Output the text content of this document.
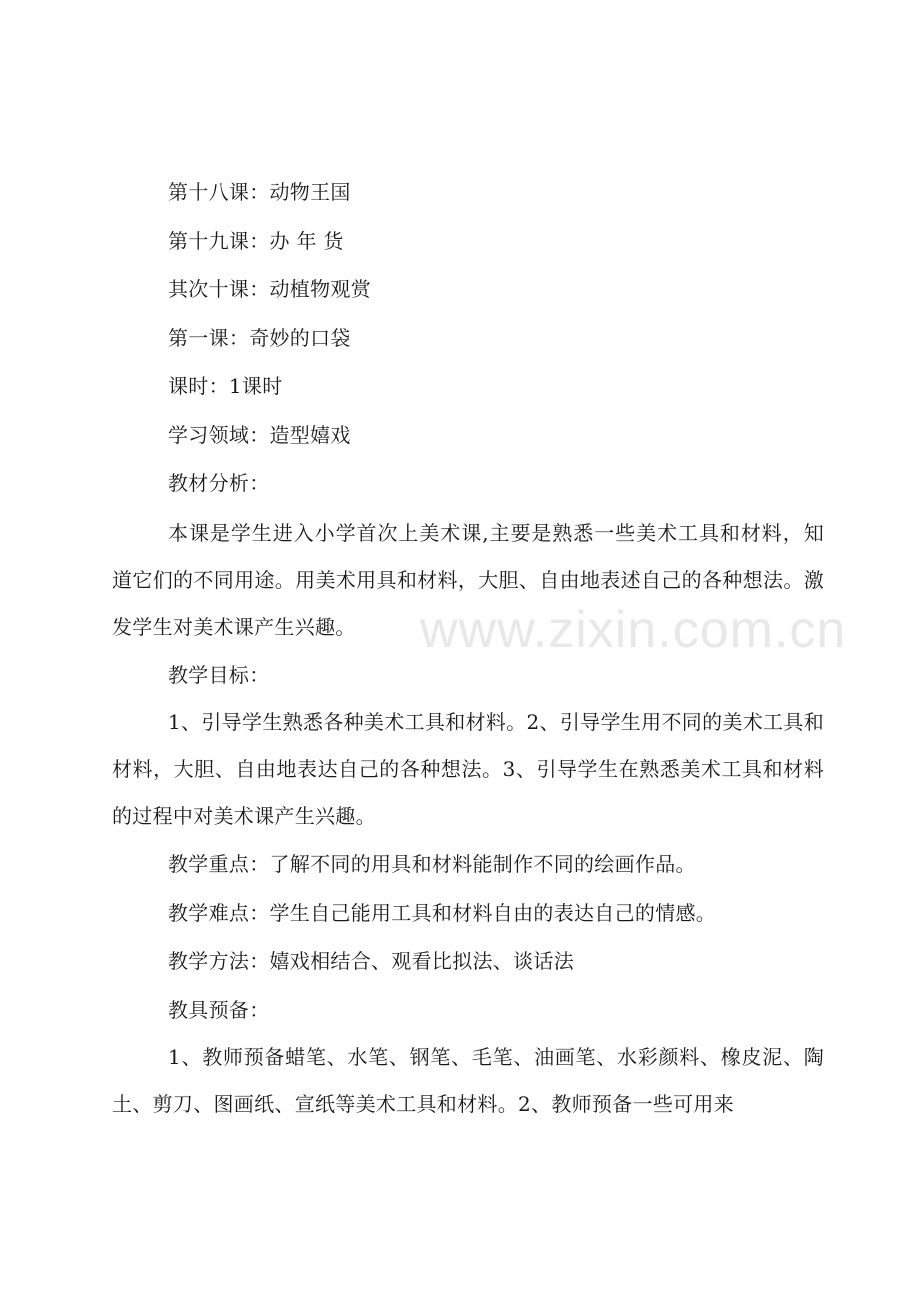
第十八课：动物王国
第十九课：办 年 货
其次十课：动植物观赏
第一课：奇妙的口袋
课时：1课时
学习领域：造型嬉戏
教材分析：

本课是学生进入小学首次上美术课,主要是熟悉一些美术工具和材料，知道它们的不同用途。用美术用具和材料，大胆、自由地表述自己的各种想法。激发学生对美术课产生兴趣。

教学目标：

1、引导学生熟悉各种美术工具和材料。2、引导学生用不同的美术工具和材料，大胆、自由地表达自己的各种想法。3、引导学生在熟悉美术工具和材料的过程中对美术课产生兴趣。

教学重点：了解不同的用具和材料能制作不同的绘画作品。
教学难点：学生自己能用工具和材料自由的表达自己的情感。
教学方法：嬉戏相结合、观看比拟法、谈话法
教具预备：

1、教师预备蜡笔、水笔、钢笔、毛笔、油画笔、水彩颜料、橡皮泥、陶土、剪刀、图画纸、宣纸等美术工具和材料。2、教师预备一些可用来

www.zixin.com.cn
